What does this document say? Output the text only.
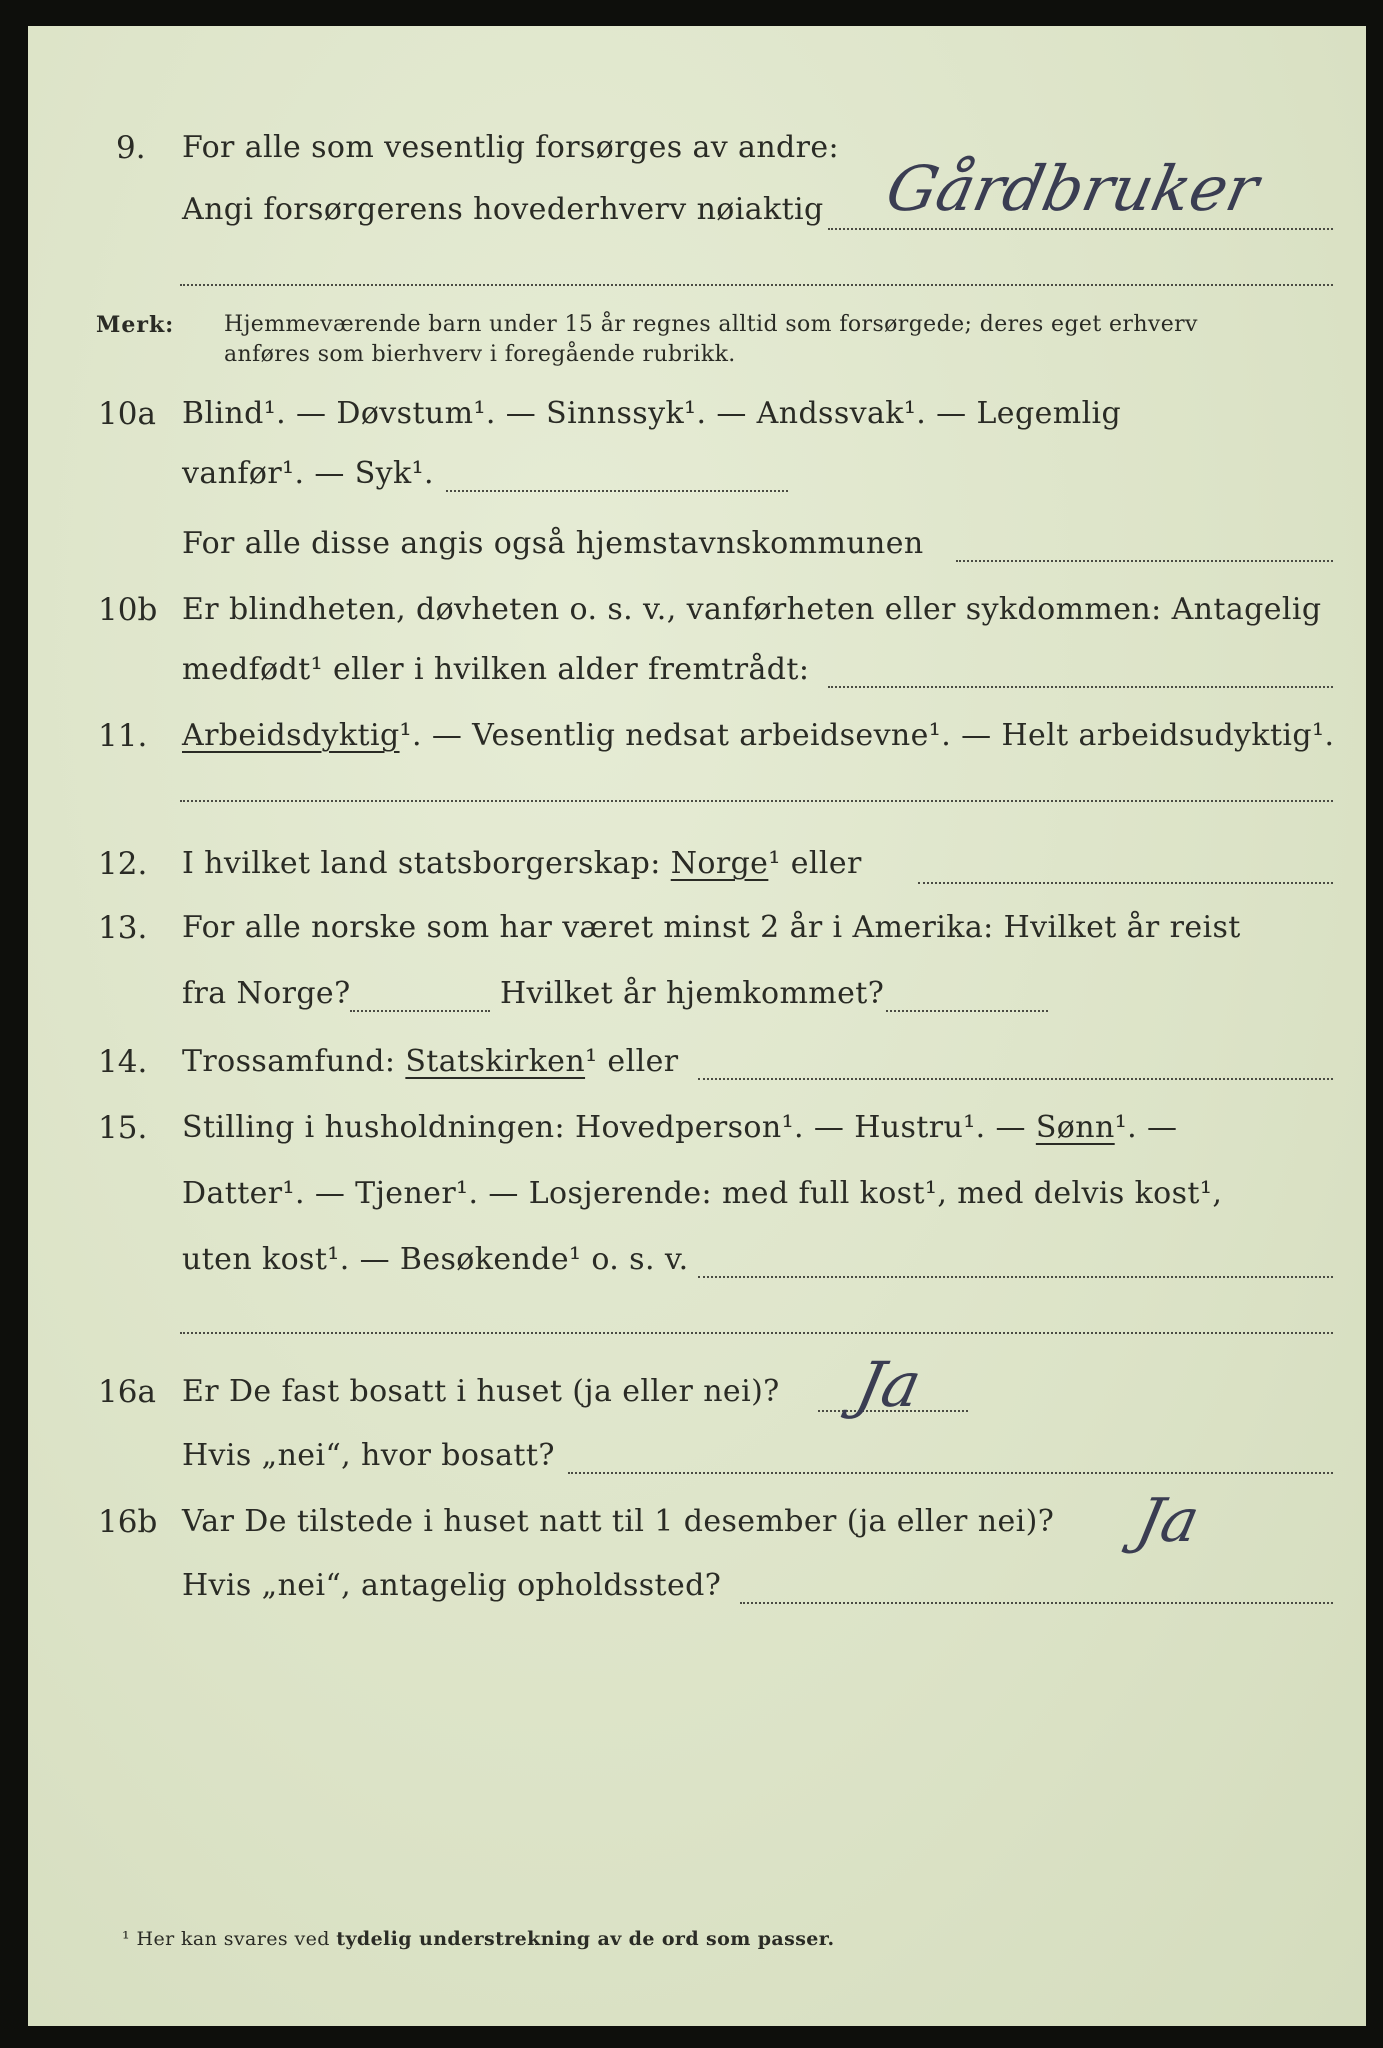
9. For alle som vesentlig forsørges av andre:
Gårdbruker
Angi forsørgerens hovederhverv nøiaktig
Merk: Hjemmeværende barn under 15 år regnes alltid som forsørgede; deres eget erhverv
anføres som bierhverv i foregående rubrikk.
10a Blind¹. — Døvstum¹. — Sinnssyk¹. — Andssvak¹. — Legemlig
vanfør¹. — Syk¹.
For alle disse angis også hjemstavnskommunen
10b Er blindheten, døvheten o. s. v., vanførheten eller sykdommen: Antagelig
medfødt¹ eller i hvilken alder fremtrådt:
11. Arbeidsdyktig¹. — Vesentlig nedsat arbeidsevne¹. — Helt arbeidsudyktig¹.
12. I hvilket land statsborgerskap: Norge¹ eller
13. For alle norske som har været minst 2 år i Amerika: Hvilket år reist
fra Norge?	Hvilket år hjemkommet?
14. Trossamfund: Statskirken¹ eller
15. Stilling i husholdningen: Hovedperson¹. — Hustru¹. — Sønn¹. —
Datter¹. — Tjener¹. — Losjerende: med full kost¹, med delvis kost¹,
uten kost¹. — Besøkende¹ o. s. v.
16a Er De fast bosatt i huset (ja eller nei)? Ja
Hvis „nei“, hvor bosatt?
16b Var De tilstede i huset natt til 1 desember (ja eller nei)? Ja
Hvis „nei“, antagelig opholdssted?
¹ Her kan svares ved tydelig understrekning av de ord som passer.
